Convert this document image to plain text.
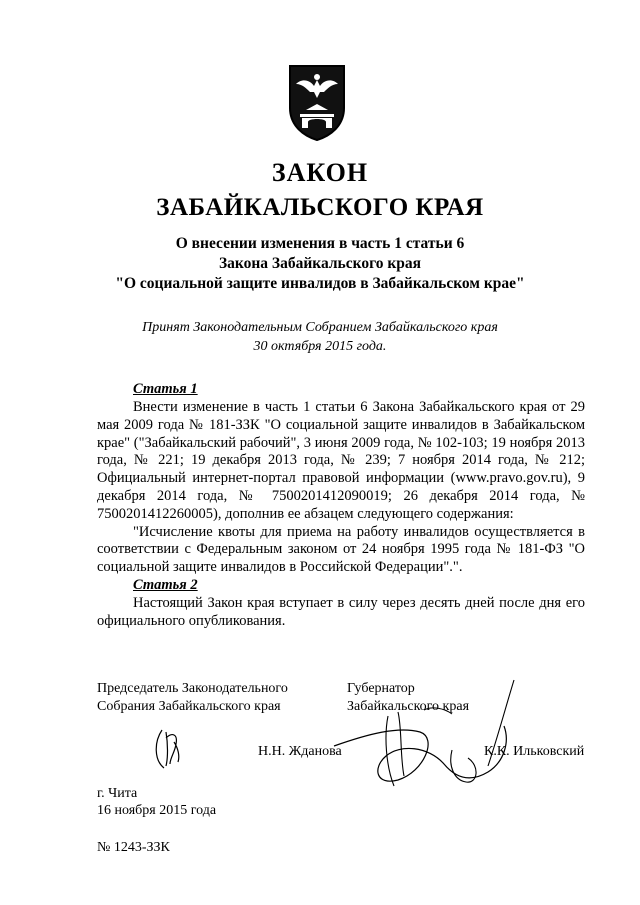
ЗАКОН
ЗАБАЙКАЛЬСКОГО КРАЯ
О внесении изменения в часть 1 статьи 6
Закона Забайкальского края
"О социальной защите инвалидов в Забайкальском крае"
Принят Законодательным Собранием Забайкальского края
30 октября 2015 года.
Статья 1

Внести изменение в часть 1 статьи 6 Закона Забайкальского края от 29 мая 2009 года № 181-ЗЗК "О социальной защите инвалидов в Забайкальском крае" ("Забайкальский рабочий", 3 июня 2009 года, № 102-103; 19 ноября 2013 года, № 221; 19 декабря 2013 года, № 239; 7 ноября 2014 года, № 212; Официальный интернет-портал правовой информации (www.pravo.gov.ru), 9 декабря 2014 года, № 7500201412090019; 26 декабря 2014 года, № 7500201412260005), дополнив ее абзацем следующего содержания:

"Исчисление квоты для приема на работу инвалидов осуществляется в соответствии с Федеральным законом от 24 ноября 1995 года № 181-ФЗ "О социальной защите инвалидов в Российской Федерации".".

Статья 2

Настоящий Закон края вступает в силу через десять дней после дня его официального опубликования.

Председатель Законодательного
Собрания Забайкальского края
Губернатор
Забайкальского края
Н.Н. Жданова	К.К. Ильковский
г. Чита
16 ноября 2015 года
№ 1243-ЗЗК
